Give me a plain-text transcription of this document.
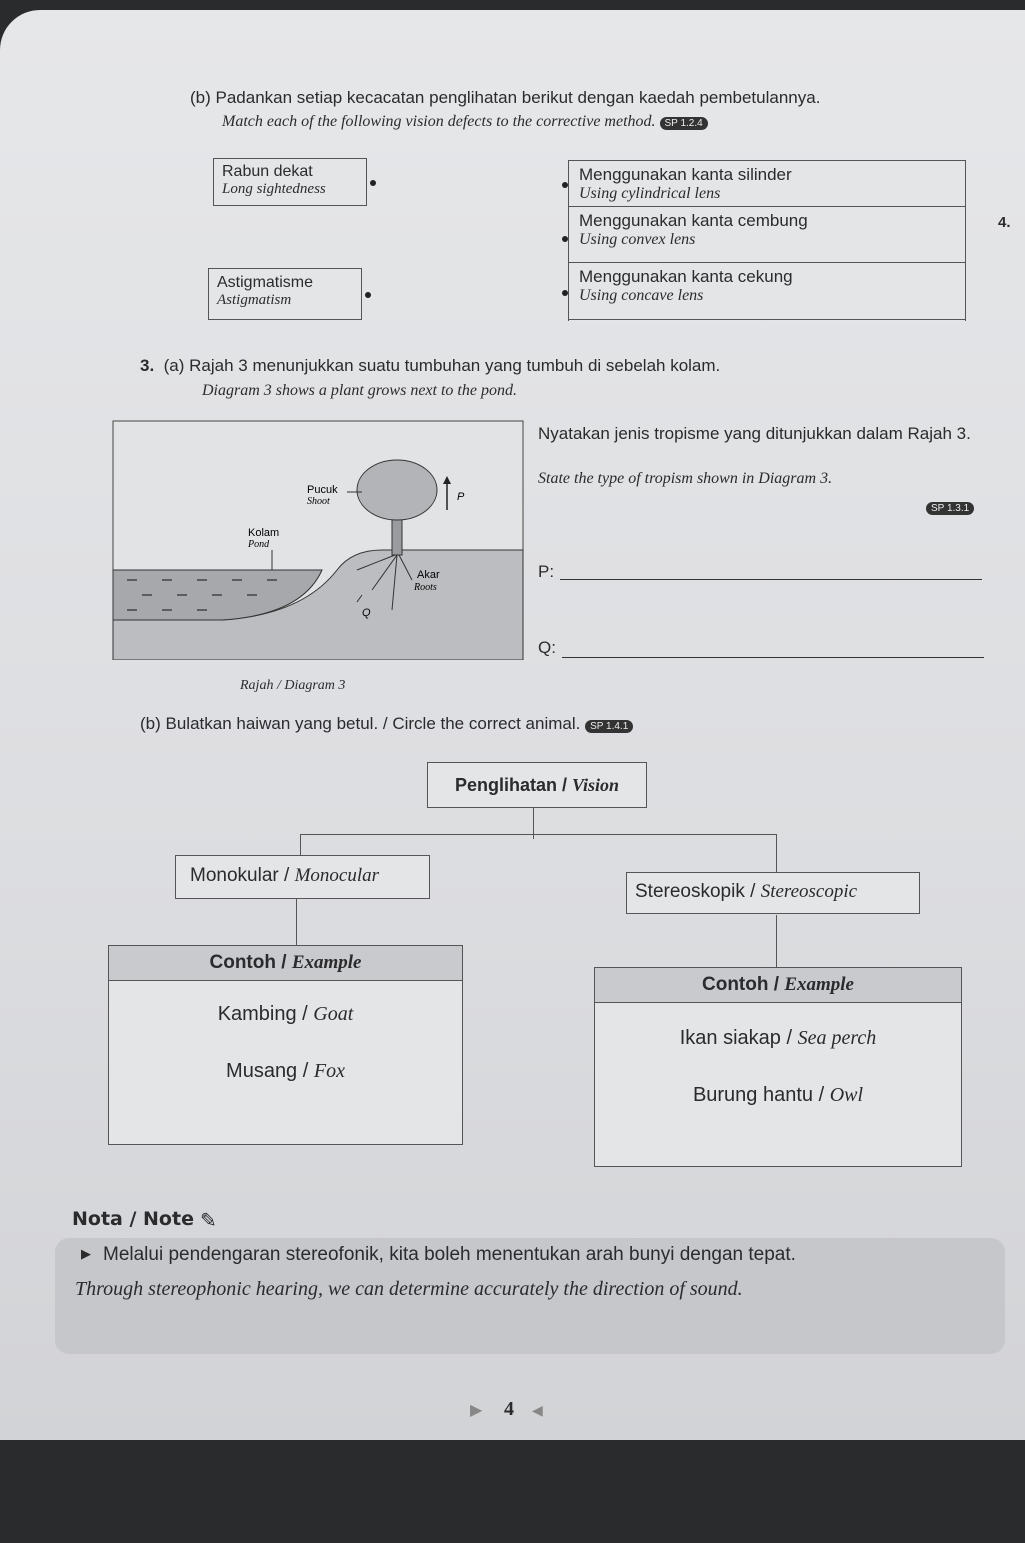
(b) Padankan setiap kecacatan penglihatan berikut dengan kaedah pembetulannya.
Match each of the following vision defects to the corrective method. SP 1.2.4
Rabun dekat
Long sightedness
Astigmatisme
Astigmatism
Menggunakan kanta silinder
Using cylindrical lens
Menggunakan kanta cembung
Using convex lens
Menggunakan kanta cekung
Using concave lens
4.
3. (a) Rajah 3 menunjukkan suatu tumbuhan yang tumbuh di sebelah kolam.
Diagram 3 shows a plant grows next to the pond.
Pucuk
Shoot
Kolam
Pond
Akar
Roots
P
Q
Rajah / Diagram 3
Nyatakan jenis tropisme yang ditunjukkan dalam Rajah 3.
State the type of tropism shown in Diagram 3.
SP 1.3.1
P:
Q:
(b) Bulatkan haiwan yang betul. / Circle the correct animal. SP 1.4.1
Penglihatan / Vision
Monokular / Monocular
Stereoskopik / Stereoscopic
Contoh / Example
Kambing / Goat
Musang / Fox
Contoh / Example
Ikan siakap / Sea perch
Burung hantu / Owl
Nota / Note ✎
▶ Melalui pendengaran stereofonik, kita boleh menentukan arah bunyi dengan tepat.
Through stereophonic hearing, we can determine accurately the direction of sound.
▶ 4 ◀
